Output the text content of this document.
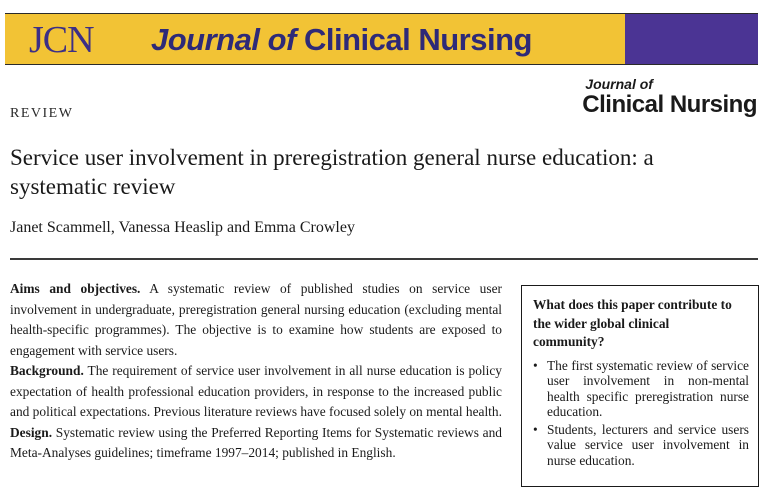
JCN Journal of Clinical Nursing
Journal of
Clinical Nursing
REVIEW
Service user involvement in preregistration general nurse education: a systematic review
Janet Scammell, Vanessa Heaslip and Emma Crowley

Aims and objectives. A systematic review of published studies on service user involvement in undergraduate, preregistration general nursing education (excluding mental health-specific programmes). The objective is to examine how students are exposed to engagement with service users.

Background. The requirement of service user involvement in all nurse education is policy expectation of health professional education providers, in response to the increased public and political expectations. Previous literature reviews have focused solely on mental health.

Design. Systematic review using the Preferred Reporting Items for Systematic reviews and Meta-Analyses guidelines; timeframe 1997–2014; published in English.

What does this paper contribute to the wider global clinical community?
• The first systematic review of service user involvement in non-mental health specific preregistration nurse education.
• Students, lecturers and service users value service user involvement in nurse education.
